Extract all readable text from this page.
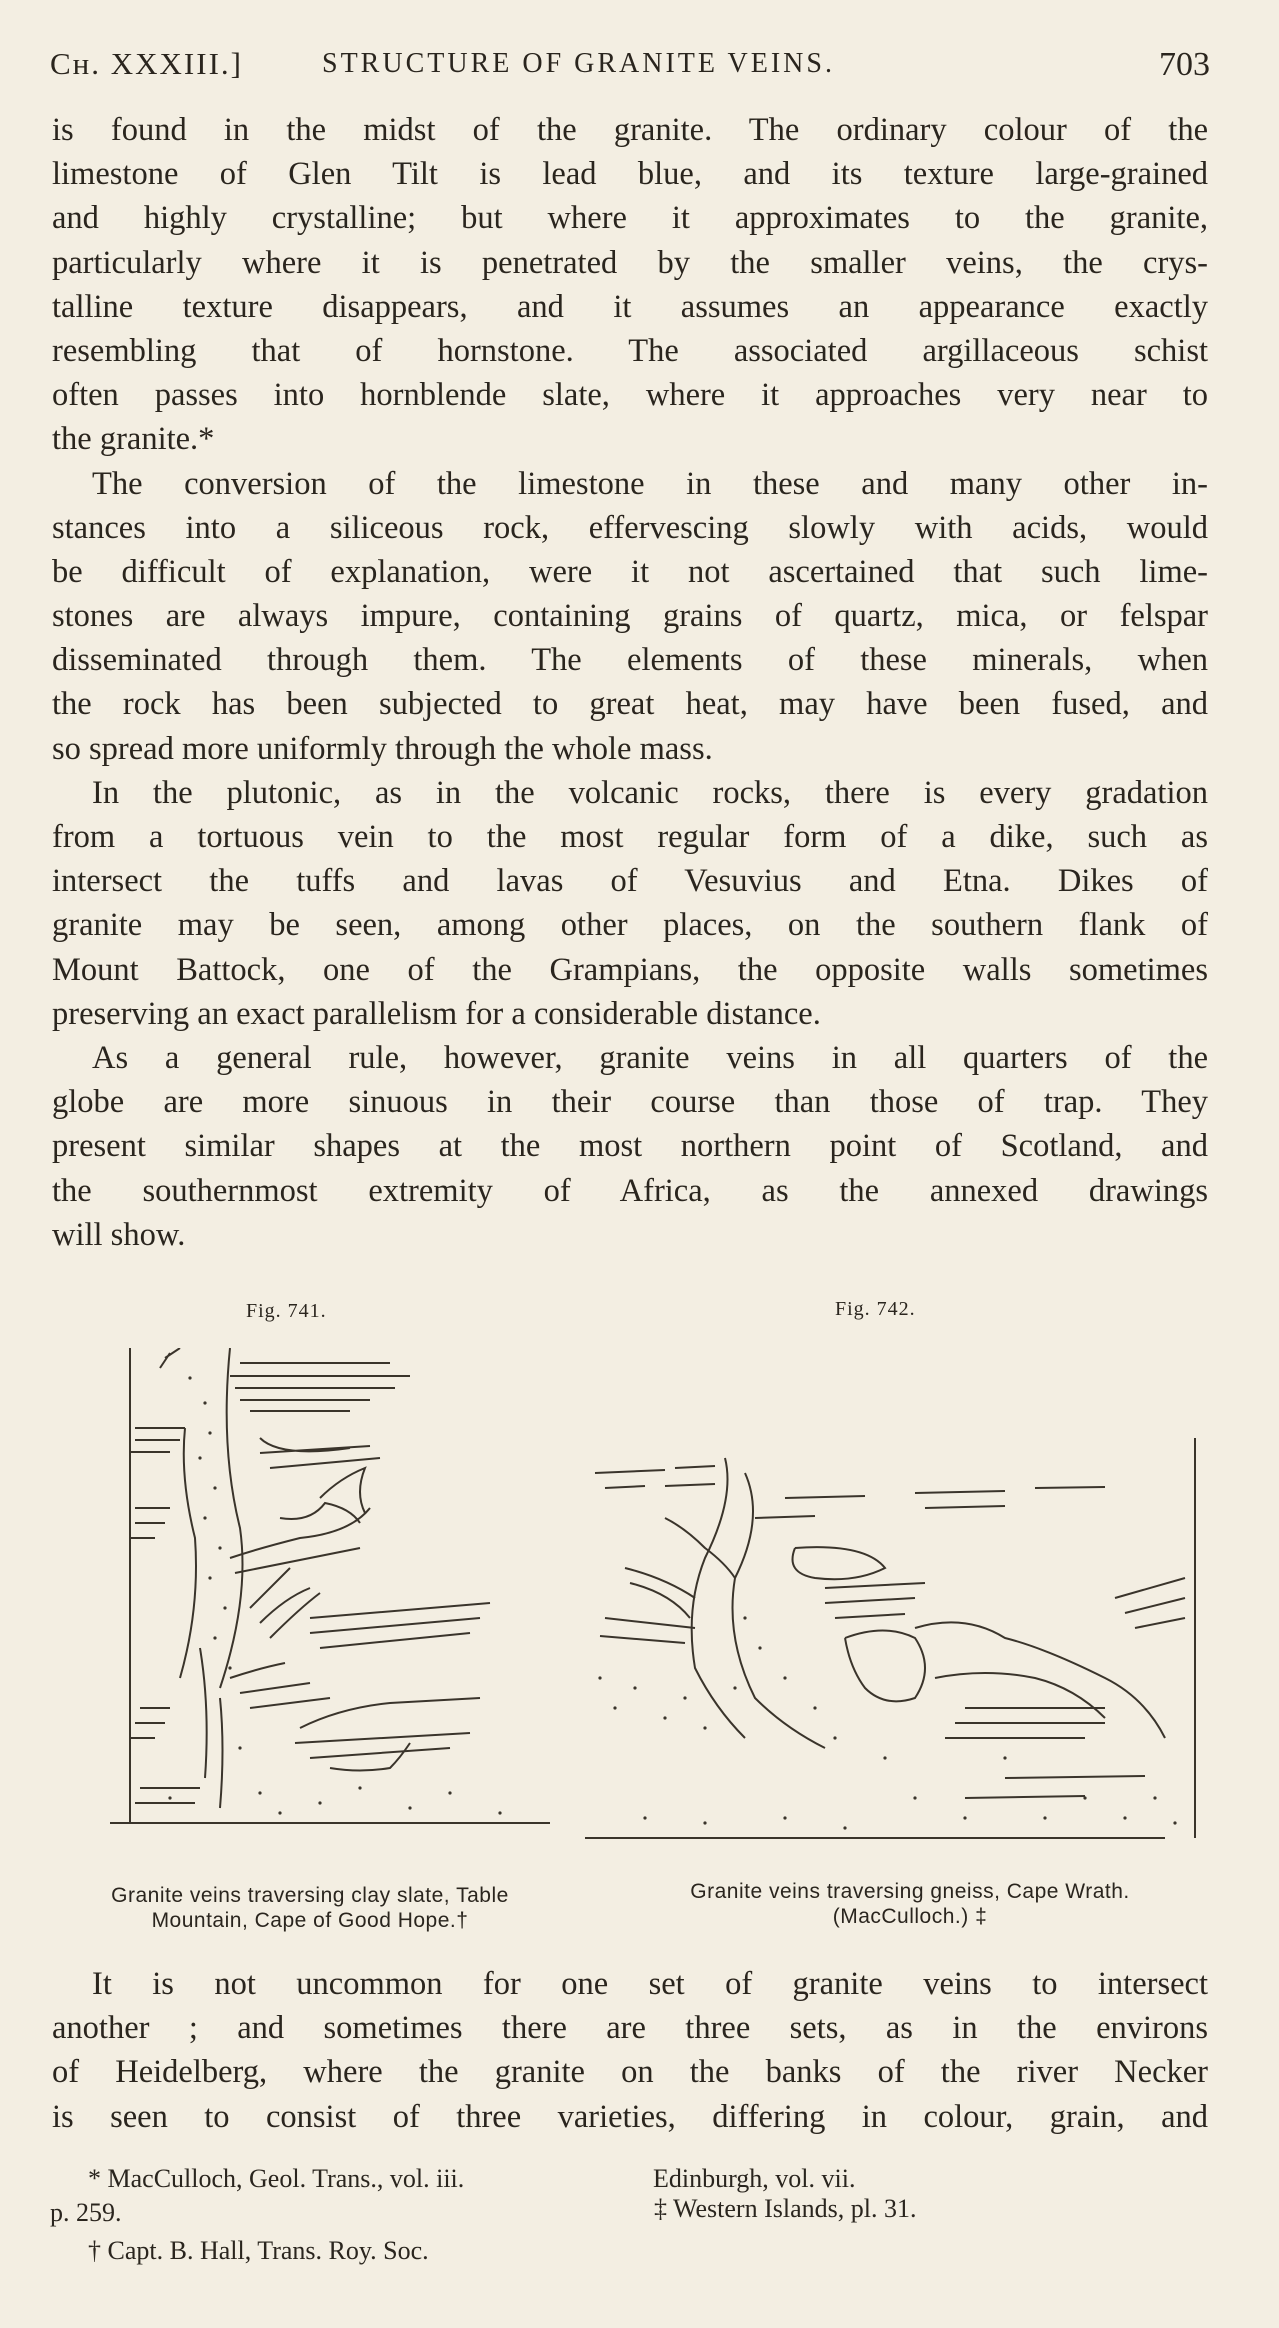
Cʜ. XXXIII.]	STRUCTURE OF GRANITE VEINS.	703
is found in the midst of the granite. The ordinary colour of the
limestone of Glen Tilt is lead blue, and its texture large-grained
and highly crystalline; but where it approximates to the granite,
particularly where it is penetrated by the smaller veins, the crys-
talline texture disappears, and it assumes an appearance exactly
resembling that of hornstone. The associated argillaceous schist
often passes into hornblende slate, where it approaches very near to
the granite.*
The conversion of the limestone in these and many other in-
stances into a siliceous rock, effervescing slowly with acids, would
be difficult of explanation, were it not ascertained that such lime-
stones are always impure, containing grains of quartz, mica, or felspar
disseminated through them. The elements of these minerals, when
the rock has been subjected to great heat, may have been fused, and
so spread more uniformly through the whole mass.
In the plutonic, as in the volcanic rocks, there is every gradation
from a tortuous vein to the most regular form of a dike, such as
intersect the tuffs and lavas of Vesuvius and Etna. Dikes of
granite may be seen, among other places, on the southern flank of
Mount Battock, one of the Grampians, the opposite walls sometimes
preserving an exact parallelism for a considerable distance.
As a general rule, however, granite veins in all quarters of the
globe are more sinuous in their course than those of trap. They
present similar shapes at the most northern point of Scotland, and
the southernmost extremity of Africa, as the annexed drawings
will show.
Fig. 741.	Fig. 742.
Granite veins traversing clay slate, Table
Mountain, Cape of Good Hope.†
Granite veins traversing gneiss, Cape Wrath.
(MacCulloch.) ‡
It is not uncommon for one set of granite veins to intersect
another ; and sometimes there are three sets, as in the environs
of Heidelberg, where the granite on the banks of the river Necker
is seen to consist of three varieties, differing in colour, grain, and
* MacCulloch, Geol. Trans., vol. iii.
p. 259.
† Capt. B. Hall, Trans. Roy. Soc.
Edinburgh, vol. vii.
‡ Western Islands, pl. 31.
